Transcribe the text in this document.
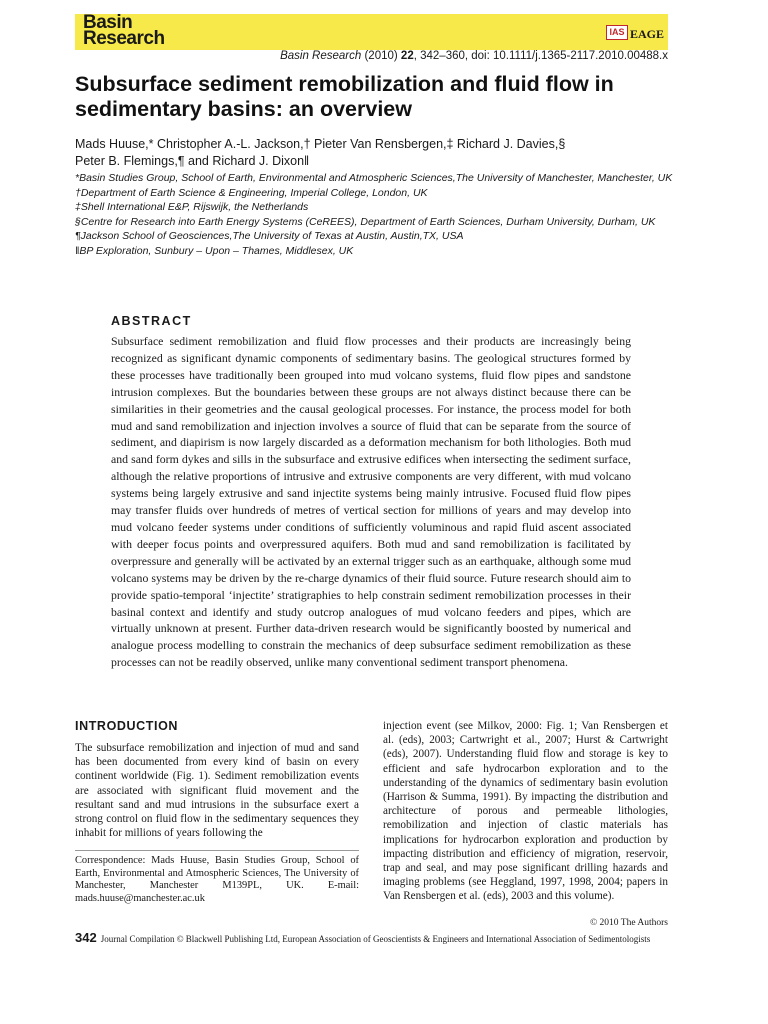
Basin
Research	IAS EAGE
Basin Research (2010) 22, 342–360, doi: 10.1111/j.1365-2117.2010.00488.x
Subsurface sediment remobilization and fluid flow in sedimentary basins: an overview
Mads Huuse,* Christopher A.-L. Jackson,† Pieter Van Rensbergen,‡ Richard J. Davies,§
Peter B. Flemings,¶ and Richard J. Dixon‖
*Basin Studies Group, School of Earth, Environmental and Atmospheric Sciences,The University of Manchester, Manchester, UK
†Department of Earth Science & Engineering, Imperial College, London, UK
‡Shell International E&P, Rijswijk, the Netherlands
§Centre for Research into Earth Energy Systems (CeREES), Department of Earth Sciences, Durham University, Durham, UK
¶Jackson School of Geosciences,The University of Texas at Austin, Austin,TX, USA
‖BP Exploration, Sunbury – Upon – Thames, Middlesex, UK
ABSTRACT

Subsurface sediment remobilization and fluid flow processes and their products are increasingly being recognized as significant dynamic components of sedimentary basins. The geological structures formed by these processes have traditionally been grouped into mud volcano systems, fluid flow pipes and sandstone intrusion complexes. But the boundaries between these groups are not always distinct because there can be similarities in their geometries and the causal geological processes. For instance, the process model for both mud and sand remobilization and injection involves a source of fluid that can be separate from the source of sediment, and diapirism is now largely discarded as a deformation mechanism for both lithologies. Both mud and sand form dykes and sills in the subsurface and extrusive edifices when intersecting the sediment surface, although the relative proportions of intrusive and extrusive components are very different, with mud volcano systems being largely extrusive and sand injectite systems being mainly intrusive. Focused fluid flow pipes may transfer fluids over hundreds of metres of vertical section for millions of years and may develop into mud volcano feeder systems under conditions of sufficiently voluminous and rapid fluid ascent associated with deeper focus points and overpressured aquifers. Both mud and sand remobilization is facilitated by overpressure and generally will be activated by an external trigger such as an earthquake, although some mud volcano systems may be driven by the re-charge dynamics of their fluid source. Future research should aim to provide spatio-temporal ‘injectite’ stratigraphies to help constrain sediment remobilization processes in their basinal context and identify and study outcrop analogues of mud volcano feeders and pipes, which are virtually unknown at present. Further data-driven research would be significantly boosted by numerical and analogue process modelling to constrain the mechanics of deep subsurface sediment remobilization as these processes can not be readily observed, unlike many conventional sediment transport phenomena.

INTRODUCTION

The subsurface remobilization and injection of mud and sand has been documented from every kind of basin on every continent worldwide (Fig. 1). Sediment remobilization events are associated with significant fluid movement and the resultant sand and mud intrusions in the subsurface exert a strong control on fluid flow in the sedimentary sequences they inhabit for millions of years following the

injection event (see Milkov, 2000: Fig. 1; Van Rensbergen et al. (eds), 2003; Cartwright et al., 2007; Hurst & Cartwright (eds), 2007). Understanding fluid flow and storage is key to efficient and safe hydrocarbon exploration and to the understanding of the dynamics of sedimentary basin evolution (Harrison & Summa, 1991). By impacting the distribution and architecture of porous and permeable lithologies, remobilization and injection of clastic materials has implications for hydrocarbon exploration and production by impacting distribution and efficiency of migration, reservoir, trap and seal, and may pose significant drilling hazards and imaging problems (see Heggland, 1997, 1998, 2004; papers in Van Rensbergen et al. (eds), 2003 and this volume).

Correspondence: Mads Huuse, Basin Studies Group, School of Earth, Environmental and Atmospheric Sciences, The University of Manchester, Manchester M139PL, UK. E-mail: mads.huuse@manchester.ac.uk

© 2010 The Authors
342 Journal Compilation © Blackwell Publishing Ltd, European Association of Geoscientists & Engineers and International Association of Sedimentologists
